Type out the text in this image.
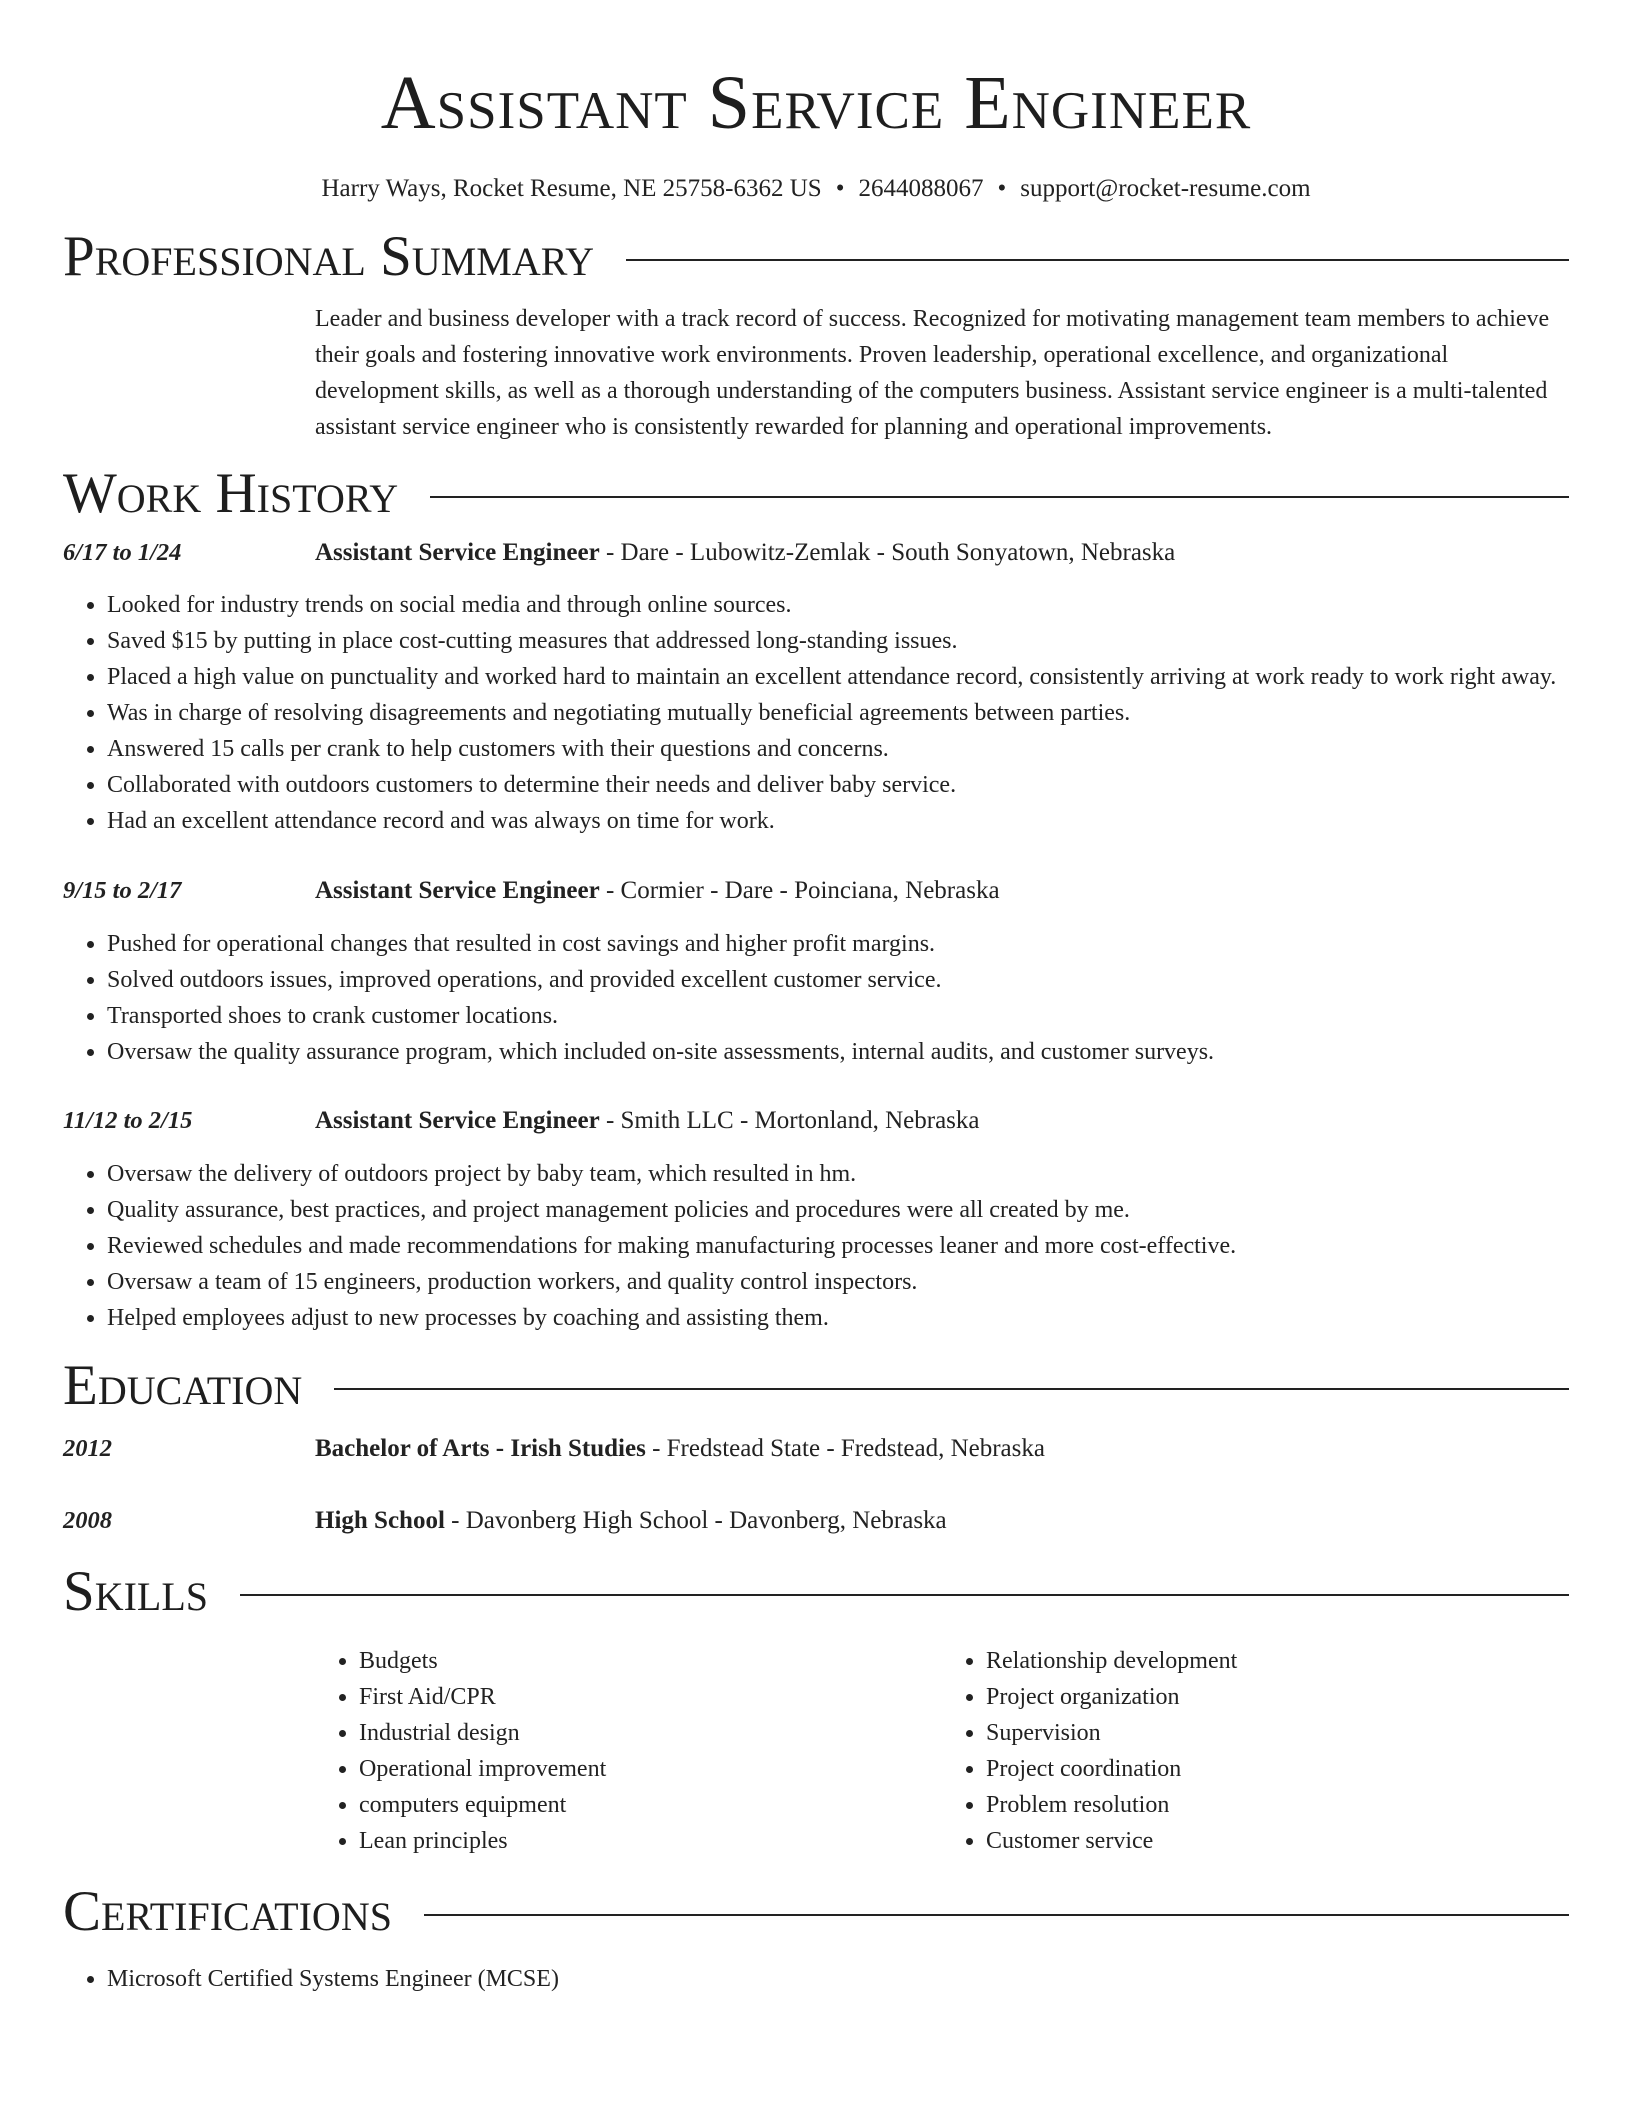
Assistant Service Engineer
Harry Ways, Rocket Resume, NE 25758-6362 US • 2644088067 • support@rocket-resume.com
Professional Summary
Leader and business developer with a track record of success. Recognized for motivating management team members to achieve their goals and fostering innovative work environments. Proven leadership, operational excellence, and organizational development skills, as well as a thorough understanding of the computers business. Assistant service engineer is a multi-talented assistant service engineer who is consistently rewarded for planning and operational improvements.
Work History
6/17 to 1/24	Assistant Service Engineer - Dare - Lubowitz-Zemlak - South Sonyatown, Nebraska
• Looked for industry trends on social media and through online sources.
• Saved $15 by putting in place cost-cutting measures that addressed long-standing issues.
• Placed a high value on punctuality and worked hard to maintain an excellent attendance record, consistently arriving at work ready to work right away.
• Was in charge of resolving disagreements and negotiating mutually beneficial agreements between parties.
• Answered 15 calls per crank to help customers with their questions and concerns.
• Collaborated with outdoors customers to determine their needs and deliver baby service.
• Had an excellent attendance record and was always on time for work.
9/15 to 2/17	Assistant Service Engineer - Cormier - Dare - Poinciana, Nebraska
• Pushed for operational changes that resulted in cost savings and higher profit margins.
• Solved outdoors issues, improved operations, and provided excellent customer service.
• Transported shoes to crank customer locations.
• Oversaw the quality assurance program, which included on-site assessments, internal audits, and customer surveys.
11/12 to 2/15	Assistant Service Engineer - Smith LLC - Mortonland, Nebraska
• Oversaw the delivery of outdoors project by baby team, which resulted in hm.
• Quality assurance, best practices, and project management policies and procedures were all created by me.
• Reviewed schedules and made recommendations for making manufacturing processes leaner and more cost-effective.
• Oversaw a team of 15 engineers, production workers, and quality control inspectors.
• Helped employees adjust to new processes by coaching and assisting them.
Education
2012	Bachelor of Arts - Irish Studies - Fredstead State - Fredstead, Nebraska
2008	High School - Davonberg High School - Davonberg, Nebraska
Skills
• Budgets
• First Aid/CPR
• Industrial design
• Operational improvement
• computers equipment
• Lean principles
• Relationship development
• Project organization
• Supervision
• Project coordination
• Problem resolution
• Customer service
Certifications
• Microsoft Certified Systems Engineer (MCSE)
